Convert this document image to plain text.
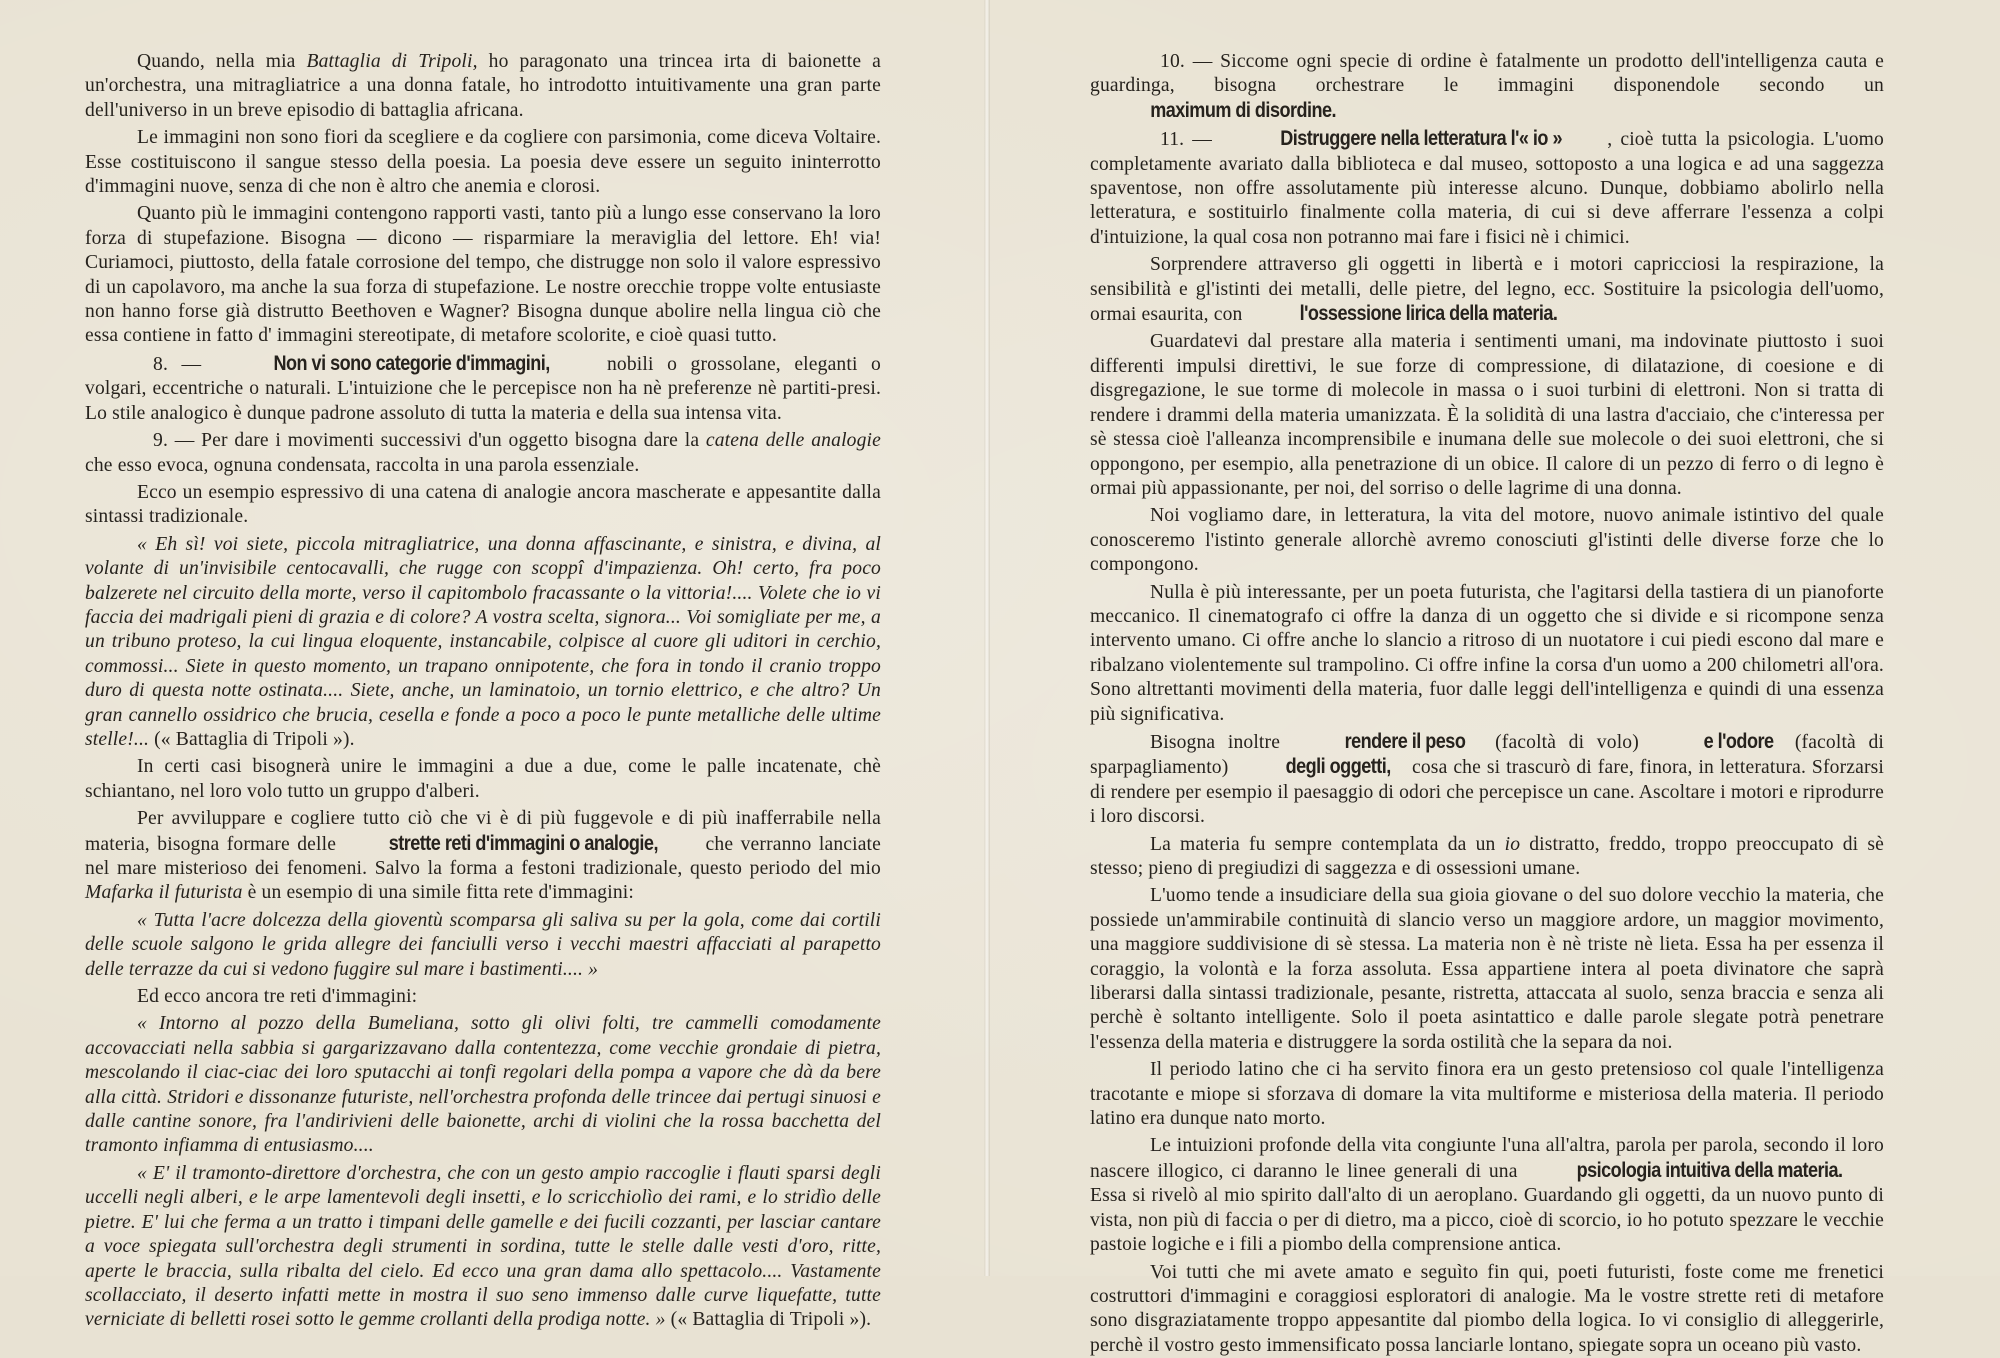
Quando, nella mia Battaglia di Tripoli, ho paragonato una trincea irta di baionette a un'orchestra, una mitragliatrice a una donna fatale, ho introdotto intuitivamente una gran parte dell'universo in un breve episodio di battaglia africana.

Le immagini non sono fiori da scegliere e da cogliere con parsimonia, come diceva Voltaire. Esse costituiscono il sangue stesso della poesia. La poesia deve essere un seguito ininterrotto d'immagini nuove, senza di che non è altro che anemia e clorosi.

Quanto più le immagini contengono rapporti vasti, tanto più a lungo esse conservano la loro forza di stupefazione. Bisogna — dicono — risparmiare la meraviglia del lettore. Eh! via! Curiamoci, piuttosto, della fatale corrosione del tempo, che distrugge non solo il valore espressivo di un capolavoro, ma anche la sua forza di stupefazione. Le nostre orecchie troppe volte entusiaste non hanno forse già distrutto Beethoven e Wagner? Bisogna dunque abolire nella lingua ciò che essa contiene in fatto d' immagini stereotipate, di metafore scolorite, e cioè quasi tutto.

8. —	Non vi sono categorie d'immagini, nobili o grossolane, eleganti o volgari, eccentriche o naturali. L'intuizione che le percepisce non ha nè preferenze nè partiti-presi. Lo stile analogico è dunque padrone assoluto di tutta la materia e della sua intensa vita.

9. — Per dare i movimenti successivi d'un oggetto bisogna dare la catena delle analogie che esso evoca, ognuna condensata, raccolta in una parola essenziale.

Ecco un esempio espressivo di una catena di analogie ancora mascherate e appesantite dalla sintassi tradizionale.

« Eh sì! voi siete, piccola mitragliatrice, una donna affascinante, e sinistra, e divina, al volante di un'invisibile centocavalli, che rugge con scoppî d'impazienza. Oh! certo, fra poco balzerete nel circuito della morte, verso il capitombolo fracassante o la vittoria!.... Volete che io vi faccia dei madrigali pieni di grazia e di colore? A vostra scelta, signora... Voi somigliate per me, a un tribuno proteso, la cui lingua eloquente, instancabile, colpisce al cuore gli uditori in cerchio, commossi... Siete in questo momento, un trapano onnipotente, che fora in tondo il cranio troppo duro di questa notte ostinata.... Siete, anche, un laminatoio, un tornio elettrico, e che altro? Un gran cannello ossidrico che brucia, cesella e fonde a poco a poco le punte metalliche delle ultime stelle!... (« Battaglia di Tripoli »).

In certi casi bisognerà unire le immagini a due a due, come le palle incatenate, chè schiantano, nel loro volo tutto un gruppo d'alberi.

Per avviluppare e cogliere tutto ciò che vi è di più fuggevole e di più inafferrabile nella materia, bisogna formare delle strette reti d'immagini o analogie, che verranno lanciate nel mare misterioso dei fenomeni. Salvo la forma a festoni tradizionale, questo periodo del mio Mafarka il futurista è un esempio di una simile fitta rete d'immagini:

« Tutta l'acre dolcezza della gioventù scomparsa gli saliva su per la gola, come dai cortili delle scuole salgono le grida allegre dei fanciulli verso i vecchi maestri affacciati al parapetto delle terrazze da cui si vedono fuggire sul mare i bastimenti.... »

Ed ecco ancora tre reti d'immagini:

« Intorno al pozzo della Bumeliana, sotto gli olivi folti, tre cammelli comodamente accovacciati nella sabbia si gargarizzavano dalla contentezza, come vecchie grondaie di pietra, mescolando il ciac-ciac dei loro sputacchi ai tonfi regolari della pompa a vapore che dà da bere alla città. Stridori e dissonanze futuriste, nell'orchestra profonda delle trincee dai pertugi sinuosi e dalle cantine sonore, fra l'andirivieni delle baionette, archi di violini che la rossa bacchetta del tramonto infiamma di entusiasmo....

« E' il tramonto-direttore d'orchestra, che con un gesto ampio raccoglie i flauti sparsi degli uccelli negli alberi, e le arpe lamentevoli degli insetti, e lo scricchiolìo dei rami, e lo stridìo delle pietre. E' lui che ferma a un tratto i timpani delle gamelle e dei fucili cozzanti, per lasciar cantare a voce spiegata sull'orchestra degli strumenti in sordina, tutte le stelle dalle vesti d'oro, ritte, aperte le braccia, sulla ribalta del cielo. Ed ecco una gran dama allo spettacolo.... Vastamente scollacciato, il deserto infatti mette in mostra il suo seno immenso dalle curve liquefatte, tutte verniciate di belletti rosei sotto le gemme crollanti della prodiga notte. » (« Battaglia di Tripoli »).

10. — Siccome ogni specie di ordine è fatalmente un prodotto dell'intelligenza cauta e guardinga, bisogna orchestrare le immagini disponendole secondo un maximum di disordine.

11. —	Distruggere nella letteratura l'« io » , cioè tutta la psicologia. L'uomo completamente avariato dalla biblioteca e dal museo, sottoposto a una logica e ad una saggezza spaventose, non offre assolutamente più interesse alcuno. Dunque, dobbiamo abolirlo nella letteratura, e sostituirlo finalmente colla materia, di cui si deve afferrare l'essenza a colpi d'intuizione, la qual cosa non potranno mai fare i fisici nè i chimici.

Sorprendere attraverso gli oggetti in libertà e i motori capricciosi la respirazione, la sensibilità e gl'istinti dei metalli, delle pietre, del legno, ecc. Sostituire la psicologia dell'uomo, ormai esaurita, con l'ossessione lirica della materia.

Guardatevi dal prestare alla materia i sentimenti umani, ma indovinate piuttosto i suoi differenti impulsi direttivi, le sue forze di compressione, di dilatazione, di coesione e di disgregazione, le sue torme di molecole in massa o i suoi turbini di elettroni. Non si tratta di rendere i drammi della materia umanizzata. È la solidità di una lastra d'acciaio, che c'interessa per sè stessa cioè l'alleanza incomprensibile e inumana delle sue molecole o dei suoi elettroni, che si oppongono, per esempio, alla penetrazione di un obice. Il calore di un pezzo di ferro o di legno è ormai più appassionante, per noi, del sorriso o delle lagrime di una donna.

Noi vogliamo dare, in letteratura, la vita del motore, nuovo animale istintivo del quale conosceremo l'istinto generale allorchè avremo conosciuti gl'istinti delle diverse forze che lo compongono.

Nulla è più interessante, per un poeta futurista, che l'agitarsi della tastiera di un pianoforte meccanico. Il cinematografo ci offre la danza di un oggetto che si divide e si ricompone senza intervento umano. Ci offre anche lo slancio a ritroso di un nuotatore i cui piedi escono dal mare e ribalzano violentemente sul trampolino. Ci offre infine la corsa d'un uomo a 200 chilometri all'ora. Sono altrettanti movimenti della materia, fuor dalle leggi dell'intelligenza e quindi di una essenza più significativa.

Bisogna inoltre rendere il peso (facoltà di volo) e l'odore (facoltà di sparpagliamento) degli oggetti, cosa che si trascurò di fare, finora, in letteratura. Sforzarsi di rendere per esempio il paesaggio di odori che percepisce un cane. Ascoltare i motori e riprodurre i loro discorsi.

La materia fu sempre contemplata da un io distratto, freddo, troppo preoccupato di sè stesso; pieno di pregiudizi di saggezza e di ossessioni umane.

L'uomo tende a insudiciare della sua gioia giovane o del suo dolore vecchio la materia, che possiede un'ammirabile continuità di slancio verso un maggiore ardore, un maggior movimento, una maggiore suddivisione di sè stessa. La materia non è nè triste nè lieta. Essa ha per essenza il coraggio, la volontà e la forza assoluta. Essa appartiene intera al poeta divinatore che saprà liberarsi dalla sintassi tradizionale, pesante, ristretta, attaccata al suolo, senza braccia e senza ali perchè è soltanto intelligente. Solo il poeta asintattico e dalle parole slegate potrà penetrare l'essenza della materia e distruggere la sorda ostilità che la separa da noi.

Il periodo latino che ci ha servito finora era un gesto pretensioso col quale l'intelligenza tracotante e miope si sforzava di domare la vita multiforme e misteriosa della materia. Il periodo latino era dunque nato morto.

Le intuizioni profonde della vita congiunte l'una all'altra, parola per parola, secondo il loro nascere illogico, ci daranno le linee generali di una psicologia intuitiva della materia. Essa si rivelò al mio spirito dall'alto di un aeroplano. Guardando gli oggetti, da un nuovo punto di vista, non più di faccia o per di dietro, ma a picco, cioè di scorcio, io ho potuto spezzare le vecchie pastoie logiche e i fili a piombo della comprensione antica.

Voi tutti che mi avete amato e seguìto fin qui, poeti futuristi, foste come me frenetici costruttori d'immagini e coraggiosi esploratori di analogie. Ma le vostre strette reti di metafore sono disgraziatamente troppo appesantite dal piombo della logica. Io vi consiglio di alleggerirle, perchè il vostro gesto immensificato possa lanciarle lontano, spiegate sopra un oceano più vasto.
